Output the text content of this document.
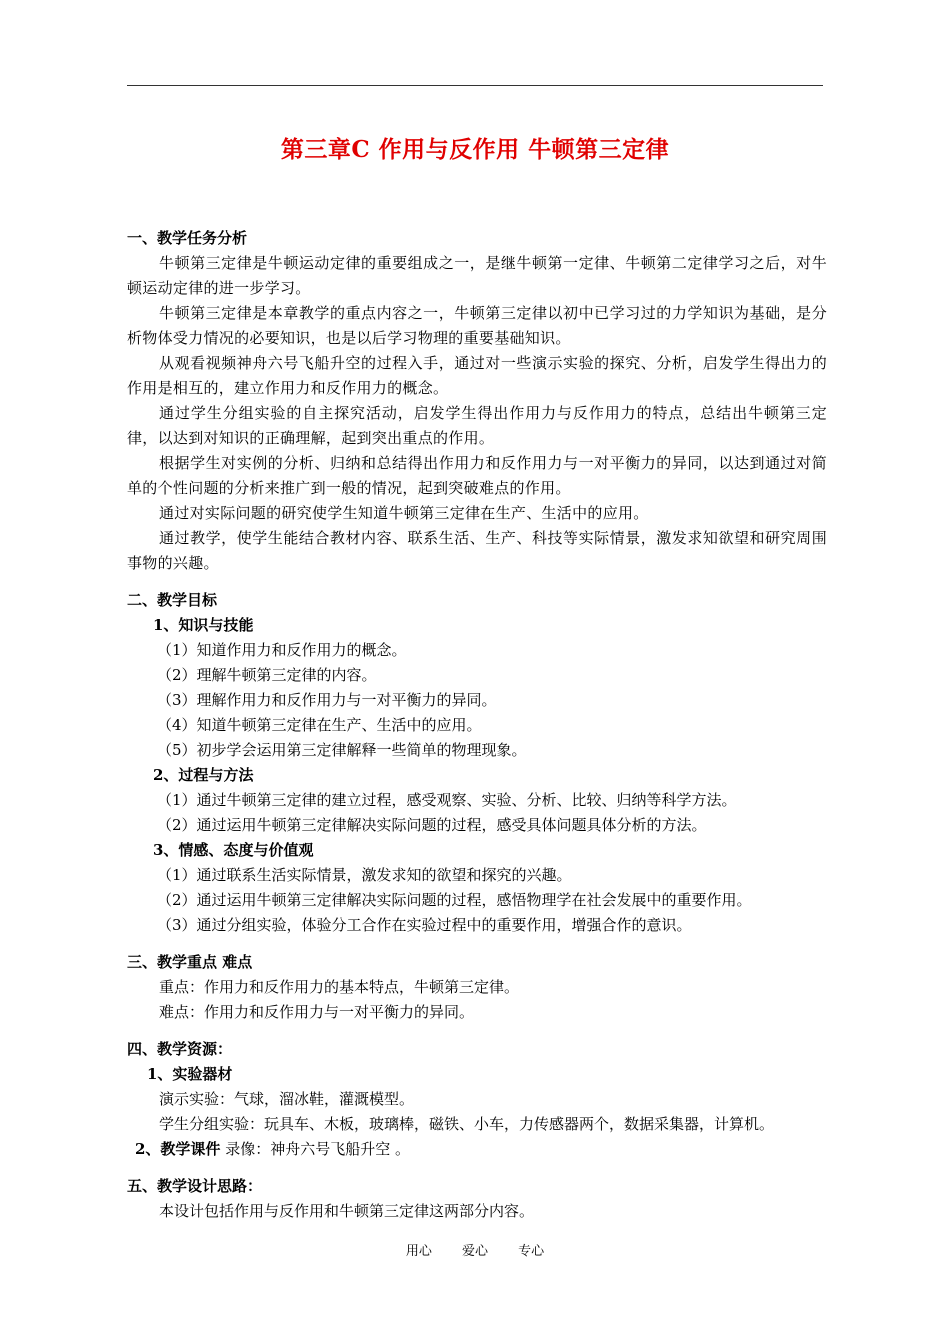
第三章C 作用与反作用 牛顿第三定律
一、教学任务分析
牛顿第三定律是牛顿运动定律的重要组成之一，是继牛顿第一定律、牛顿第二定律学习之后，对牛顿运动定律的进一步学习。
牛顿第三定律是本章教学的重点内容之一，牛顿第三定律以初中已学习过的力学知识为基础，是分析物体受力情况的必要知识，也是以后学习物理的重要基础知识。
从观看视频神舟六号飞船升空的过程入手，通过对一些演示实验的探究、分析，启发学生得出力的作用是相互的，建立作用力和反作用力的概念。
通过学生分组实验的自主探究活动，启发学生得出作用力与反作用力的特点，总结出牛顿第三定律，以达到对知识的正确理解，起到突出重点的作用。
根据学生对实例的分析、归纳和总结得出作用力和反作用力与一对平衡力的异同，以达到通过对简单的个性问题的分析来推广到一般的情况，起到突破难点的作用。
通过对实际问题的研究使学生知道牛顿第三定律在生产、生活中的应用。
通过教学，使学生能结合教材内容、联系生活、生产、科技等实际情景，激发求知欲望和研究周围事物的兴趣。
二、教学目标
1、知识与技能
（1）知道作用力和反作用力的概念。
（2）理解牛顿第三定律的内容。
（3）理解作用力和反作用力与一对平衡力的异同。
（4）知道牛顿第三定律在生产、生活中的应用。
（5）初步学会运用第三定律解释一些简单的物理现象。
2、过程与方法
（1）通过牛顿第三定律的建立过程，感受观察、实验、分析、比较、归纳等科学方法。
（2）通过运用牛顿第三定律解决实际问题的过程，感受具体问题具体分析的方法。
3、情感、态度与价值观
（1）通过联系生活实际情景，激发求知的欲望和探究的兴趣。
（2）通过运用牛顿第三定律解决实际问题的过程，感悟物理学在社会发展中的重要作用。
（3）通过分组实验，体验分工合作在实验过程中的重要作用，增强合作的意识。
三、教学重点 难点
重点：作用力和反作用力的基本特点，牛顿第三定律。
难点：作用力和反作用力与一对平衡力的异同。
四、教学资源：
1、实验器材
演示实验：气球，溜冰鞋，灌溉模型。
学生分组实验：玩具车、木板，玻璃棒，磁铁、小车，力传感器两个，数据采集器，计算机。
2、教学课件 录像：神舟六号飞船升空 。
五、教学设计思路：
本设计包括作用与反作用和牛顿第三定律这两部分内容。
用心 爱心 专心
